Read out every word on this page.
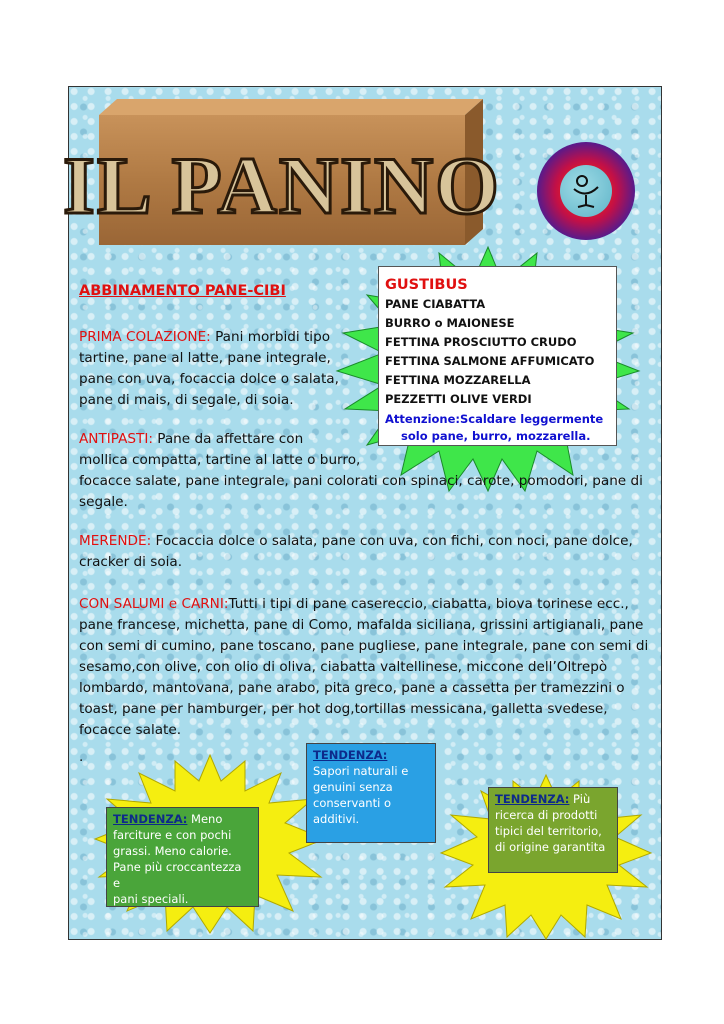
IL PANINO
GUSTIBUS
PANE CIABATTA
BURRO o MAIONESE
FETTINA PROSCIUTTO CRUDO
FETTINA SALMONE AFFUMICATO
FETTINA MOZZARELLA
PEZZETTI OLIVE VERDI
Attenzione:Scaldare leggermente
solo pane, burro, mozzarella.
ABBINAMENTO PANE-CIBI
PRIMA COLAZIONE: Pani morbidi tipo
tartine, pane al latte, pane integrale,
pane con uva, focaccia dolce o salata,
pane di mais, di segale, di soia.
ANTIPASTI: Pane da affettare con
mollica compatta, tartine al latte o burro,
focacce salate, pane integrale, pani colorati con spinaci, carote, pomodori, pane di
segale.
MERENDE: Focaccia dolce o salata, pane con uva, con fichi, con noci, pane dolce,
cracker di soia.
CON SALUMI e CARNI:Tutti i tipi di pane casereccio, ciabatta, biova torinese ecc.,
pane francese, michetta, pane di Como, mafalda siciliana, grissini artigianali, pane
con semi di cumino, pane toscano, pane pugliese, pane integrale, pane con semi di
sesamo,con olive, con olio di oliva, ciabatta valtellinese, miccone dell’Oltrepò
lombardo, mantovana, pane arabo, pita greco, pane a cassetta per tramezzini o
toast, pane per hamburger, per hot dog,tortillas messicana, galletta svedese,
focacce salate.
.	TENDENZA:
Sapori naturali e
genuini senza
conservanti o
additivi.
TENDENZA: Meno
farciture e con pochi
grassi. Meno calorie.
Pane più croccantezza e
pani speciali.
TENDENZA: Più
ricerca di prodotti
tipici del territorio,
di origine garantita
